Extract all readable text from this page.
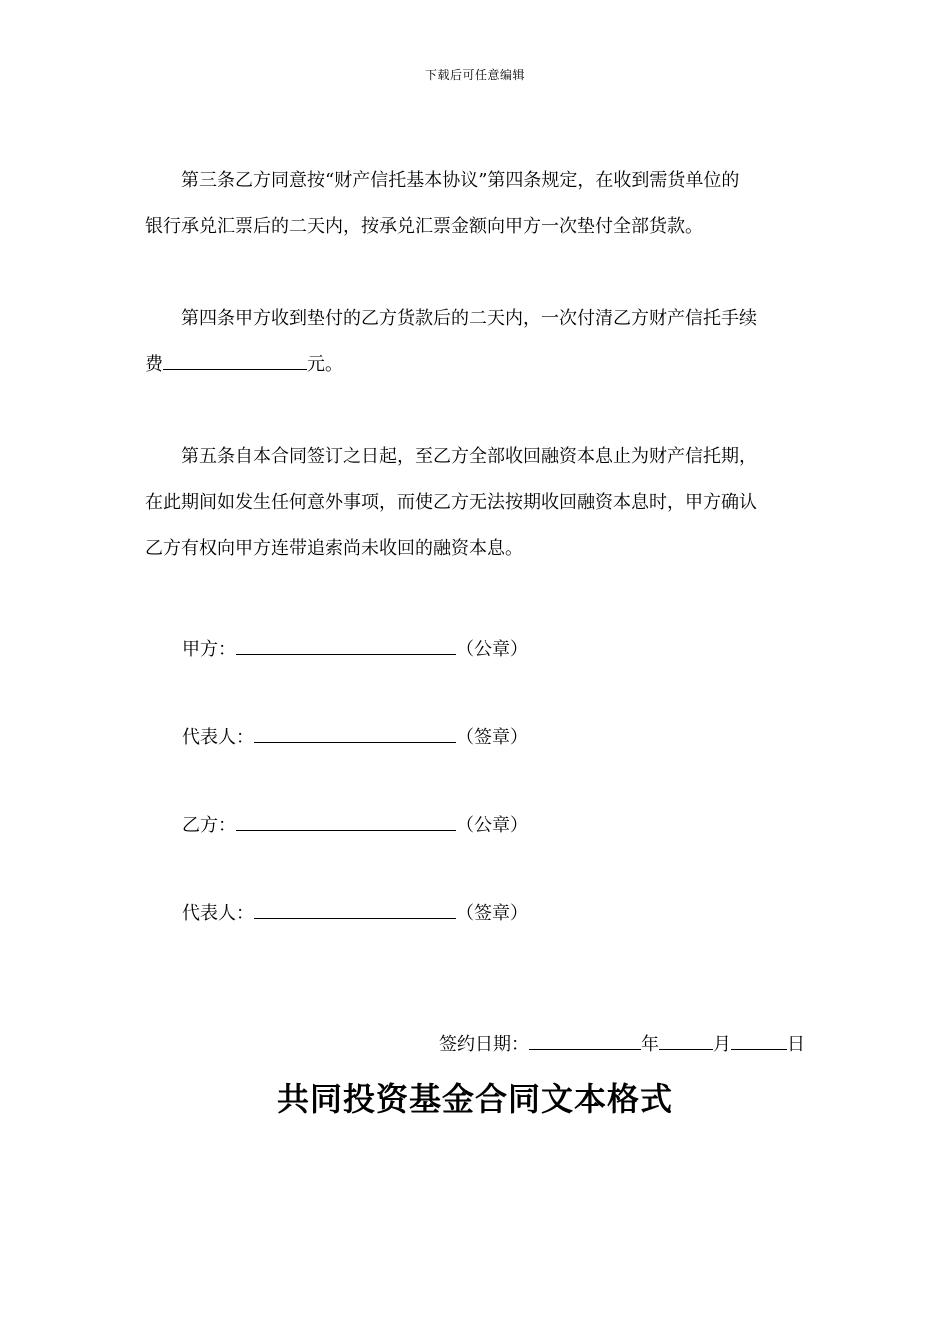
下载后可任意编辑
第三条乙方同意按“财产信托基本协议”第四条规定，在收到需货单位的
银行承兑汇票后的二天内，按承兑汇票金额向甲方一次垫付全部货款。
第四条甲方收到垫付的乙方货款后的二天内，一次付清乙方财产信托手续
费	元。
第五条自本合同签订之日起，至乙方全部收回融资本息止为财产信托期，
在此期间如发生任何意外事项，而使乙方无法按期收回融资本息时，甲方确认
乙方有权向甲方连带追索尚未收回的融资本息。
甲方：	（公章）
代表人：	（签章）
乙方：	（公章）
代表人：	（签章）
签约日期：	年	月	日
共同投资基金合同文本格式
